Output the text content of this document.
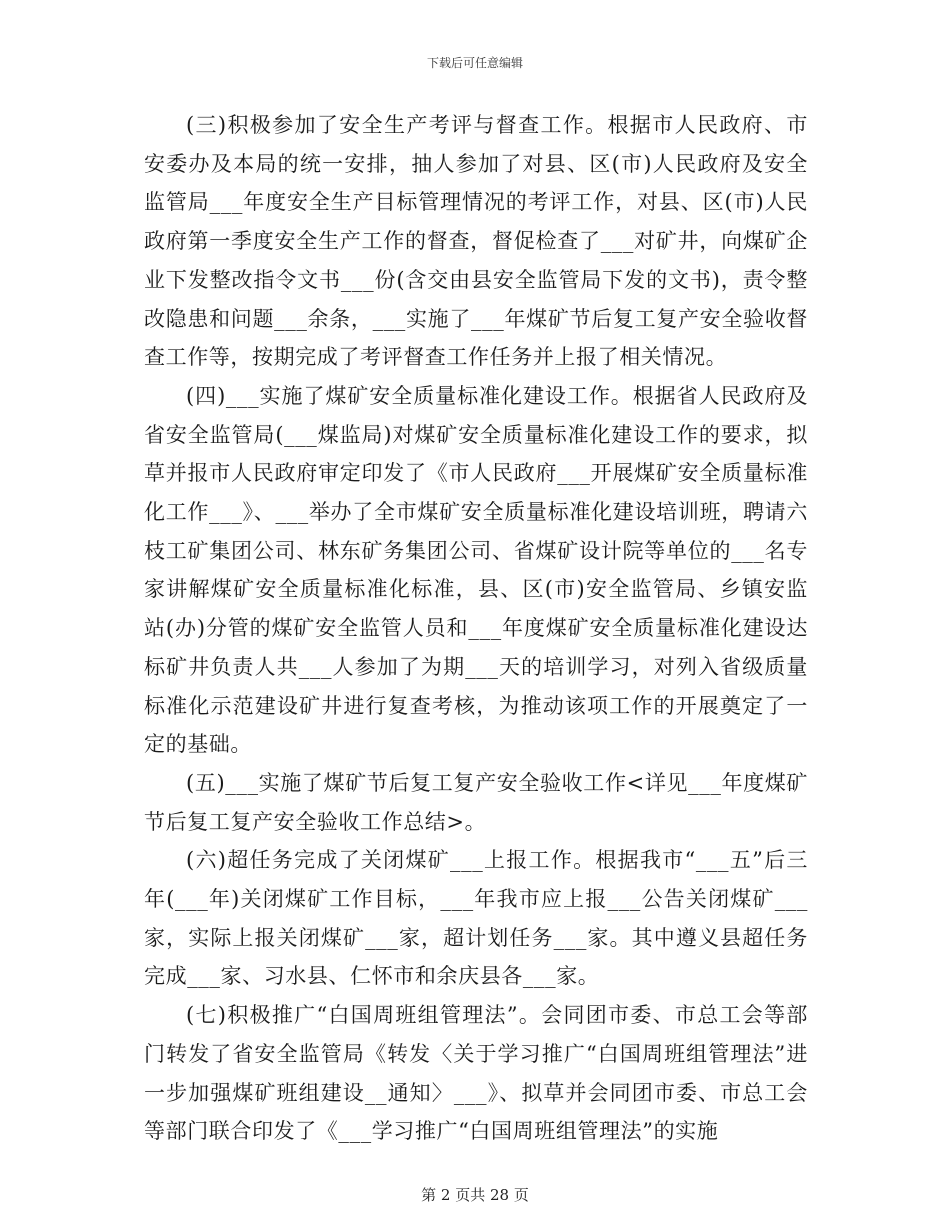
下载后可任意编辑

(三)积极参加了安全生产考评与督查工作。根据市人民政府、市安委办及本局的统一安排，抽人参加了对县、区(市)人民政府及安全监管局___年度安全生产目标管理情况的考评工作，对县、区(市)人民政府第一季度安全生产工作的督查，督促检查了___对矿井，向煤矿企业下发整改指令文书___份(含交由县安全监管局下发的文书)，责令整改隐患和问题___余条，___实施了___年煤矿节后复工复产安全验收督查工作等，按期完成了考评督查工作任务并上报了相关情况。

(四)___实施了煤矿安全质量标准化建设工作。根据省人民政府及省安全监管局(___煤监局)对煤矿安全质量标准化建设工作的要求，拟草并报市人民政府审定印发了《市人民政府___开展煤矿安全质量标准化工作___》、___举办了全市煤矿安全质量标准化建设培训班，聘请六枝工矿集团公司、林东矿务集团公司、省煤矿设计院等单位的___名专家讲解煤矿安全质量标准化标准，县、区(市)安全监管局、乡镇安监站(办)分管的煤矿安全监管人员和___年度煤矿安全质量标准化建设达标矿井负责人共___人参加了为期___天的培训学习，对列入省级质量标准化示范建设矿井进行复查考核，为推动该项工作的开展奠定了一定的基础。

(五)___实施了煤矿节后复工复产安全验收工作<详见___年度煤矿节后复工复产安全验收工作总结>。

(六)超任务完成了关闭煤矿___上报工作。根据我市“___五”后三年(___年)关闭煤矿工作目标，___年我市应上报___公告关闭煤矿___家，实际上报关闭煤矿___家，超计划任务___家。其中遵义县超任务完成___家、习水县、仁怀市和余庆县各___家。

(七)积极推广“白国周班组管理法”。会同团市委、市总工会等部门转发了省安全监管局《转发〈关于学习推广“白国周班组管理法”进一步加强煤矿班组建设__通知〉___》、拟草并会同团市委、市总工会等部门联合印发了《___学习推广“白国周班组管理法”的实施

第 2 页共 28 页
